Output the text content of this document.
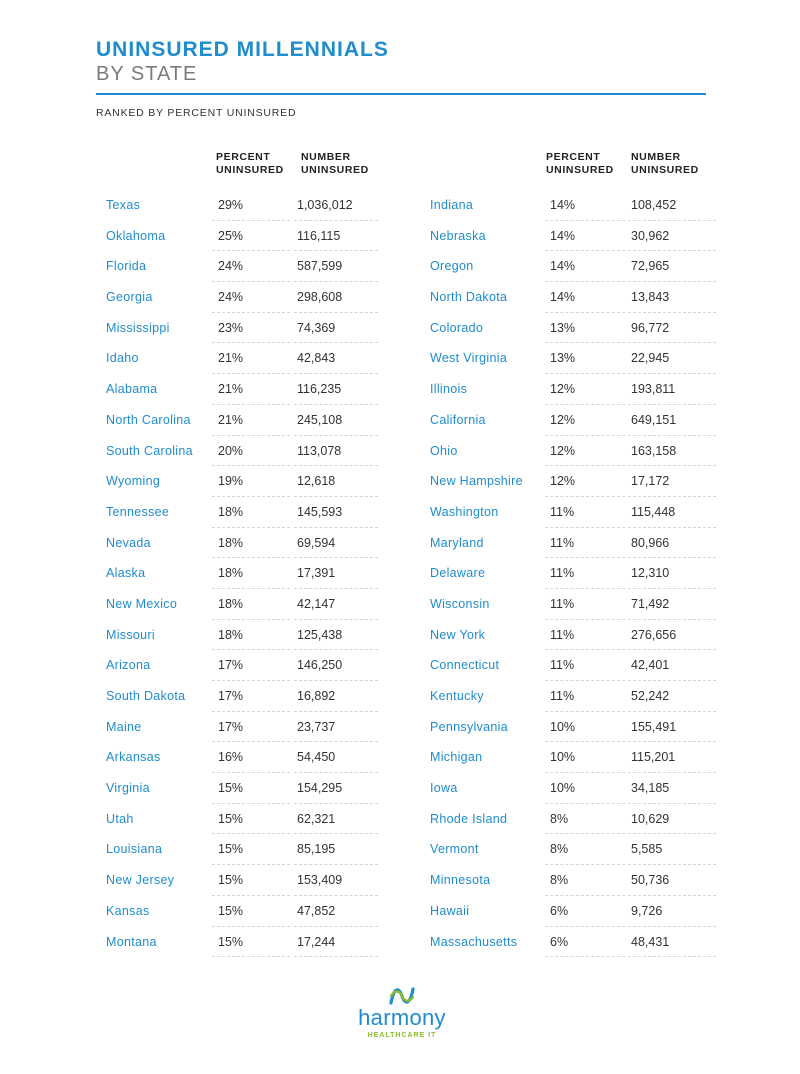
UNINSURED MILLENNIALS
BY STATE
RANKED BY PERCENT UNINSURED
PERCENT
UNINSURED
NUMBER
UNINSURED
PERCENT
UNINSURED
NUMBER
UNINSURED
Texas	29%	1,036,012
Oklahoma	25%	116,115
Florida	24%	587,599
Georgia	24%	298,608
Mississippi	23%	74,369
Idaho	21%	42,843
Alabama	21%	116,235
North Carolina 21%	245,108
South Carolina 20%	113,078
Wyoming	19%	12,618
Tennessee	18%	145,593
Nevada	18%	69,594
Alaska	18%	17,391
New Mexico	18%	42,147
Missouri	18%	125,438
Arizona	17%	146,250
South Dakota	17%	16,892
Maine	17%	23,737
Arkansas	16%	54,450
Virginia	15%	154,295
Utah	15%	62,321
Louisiana	15%	85,195
New Jersey	15%	153,409
Kansas	15%	47,852
Montana	15%	17,244
Indiana	14%	108,452
Nebraska	14%	30,962
Oregon	14%	72,965
North Dakota	14%	13,843
Colorado	13%	96,772
West Virginia	13%	22,945
Illinois	12%	193,811
California	12%	649,151
Ohio	12%	163,158
New Hampshire 12%	17,172
Washington	11%	115,448
Maryland	11%	80,966
Delaware	11%	12,310
Wisconsin	11%	71,492
New York	11%	276,656
Connecticut	11%	42,401
Kentucky	11%	52,242
Pennsylvania	10%	155,491
Michigan	10%	115,201
Iowa	10%	34,185
Rhode Island	8%	10,629
Vermont	8%	5,585
Minnesota	8%	50,736
Hawaii	6%	9,726
Massachusetts	6%	48,431
harmony
HEALTHCARE IT
